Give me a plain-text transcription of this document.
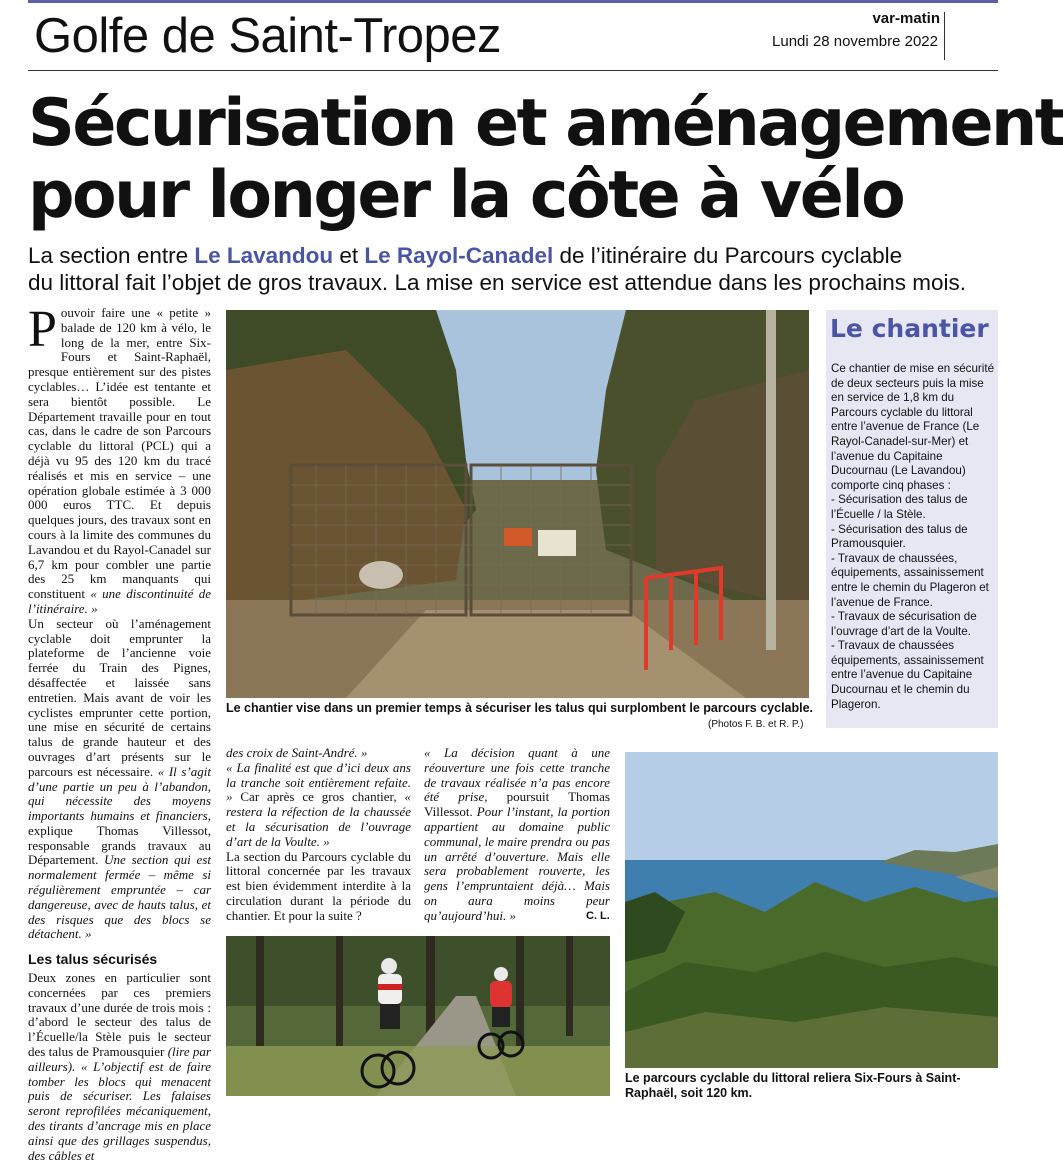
Golfe de Saint-Tropez	var-matin
Lundi 28 novembre 2022
Sécurisation et aménagement
pour longer la côte à vélo
La section entre Le Lavandou et Le Rayol-Canadel de l’itinéraire du Parcours cyclable
du littoral fait l’objet de gros travaux. La mise en service est attendue dans les prochains mois.

Pouvoir faire une « petite » balade de 120 km à vélo, le long de la mer, entre Six-Fours et Saint-Raphaël, presque entièrement sur des pistes cyclables… L’idée est tentante et sera bientôt possible. Le Département travaille pour en tout cas, dans le cadre de son Parcours cyclable du littoral (PCL) qui a déjà vu 95 des 120 km du tracé réalisés et mis en service – une opération globale estimée à 3 000 000 euros TTC. Et depuis quelques jours, des travaux sont en cours à la limite des communes du Lavandou et du Rayol-Canadel sur 6,7 km pour combler une partie des 25 km manquants qui constituent « une discontinuité de l’itinéraire. »

Un secteur où l’aménagement cyclable doit emprunter la plateforme de l’ancienne voie ferrée du Train des Pignes, désaffectée et laissée sans entretien. Mais avant de voir les cyclistes emprunter cette portion, une mise en sécurité de certains talus de grande hauteur et des ouvrages d’art présents sur le parcours est nécessaire. « Il s’agit d’une partie un peu à l’abandon, qui nécessite des moyens importants humains et financiers, explique Thomas Villessot, responsable grands travaux au Département. Une section qui est normalement fermée – même si régulièrement empruntée – car dangereuse, avec de hauts talus, et des risques que des blocs se détachent. »

Les talus sécurisés

Deux zones en particulier sont concernées par ces premiers travaux d’une durée de trois mois : d’abord le secteur des talus de l’Écuelle/la Stèle puis le secteur des talus de Pramousquier (lire par ailleurs). « L’objectif est de faire tomber les blocs qui menacent puis de sécuriser. Les falaises seront reprofilées mécaniquement, des tirants d’ancrage mis en place ainsi que des grillages suspendus, des câbles et

Le chantier vise dans un premier temps à sécuriser les talus qui surplombent le parcours cyclable.
(Photos F. B. et R. P.)
Le chantier
Ce chantier de mise en sécurité de deux secteurs puis la mise en service de 1,8 km du Parcours cyclable du littoral entre l’avenue de France (Le Rayol-Canadel-sur-Mer) et l’avenue du Capitaine Ducournau (Le Lavandou) comporte cinq phases :
- Sécurisation des talus de l’Écuelle / la Stèle.
- Sécurisation des talus de Pramousquier.
- Travaux de chaussées, équipements, assainissement entre le chemin du Plageron et l’avenue de France.
- Travaux de sécurisation de l’ouvrage d’art de la Voulte.
- Travaux de chaussées équipements, assainissement entre l’avenue du Capitaine Ducournau et le chemin du Plageron.

des croix de Saint-André. »

« La finalité est que d’ici deux ans la tranche soit entièrement refaite. » Car après ce gros chantier, « restera la réfection de la chaussée et la sécurisation de l’ouvrage d’art de la Voulte. »

La section du Parcours cyclable du littoral concernée par les travaux est bien évidemment interdite à la circulation durant la période du chantier. Et pour la suite ?

« La décision quant à une réouverture une fois cette tranche de travaux réalisée n’a pas encore été prise, poursuit Thomas Villessot. Pour l’instant, la portion appartient au domaine public communal, le maire prendra ou pas un arrêté d’ouverture. Mais elle sera probablement rouverte, les gens l’empruntaient déjà… Mais on aura moins peur qu’aujourd’hui. »	C. L.
Le parcours cyclable du littoral reliera Six-Fours à Saint-Raphaël, soit 120 km.
